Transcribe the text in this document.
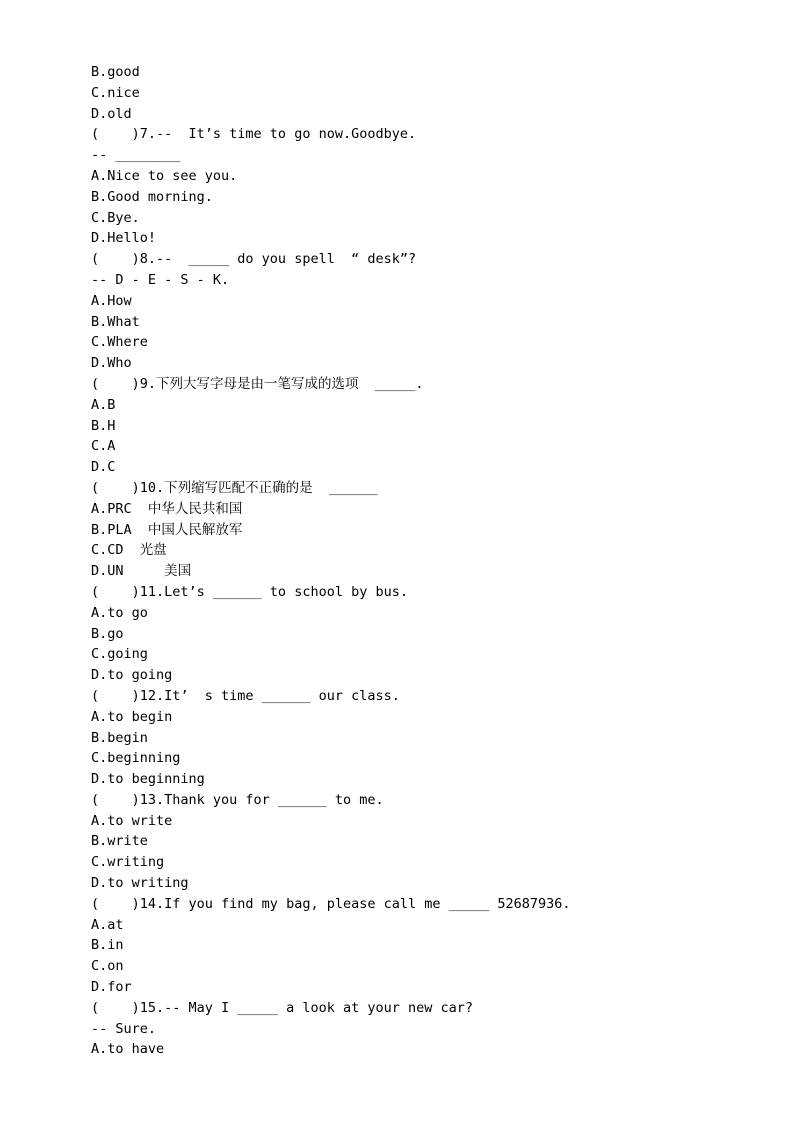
B.good
C.nice
D.old
(    )7.--  It’s time to go now.Goodbye.
-- ________
A.Nice to see you.
B.Good morning.
C.Bye.
D.Hello!
(    )8.--  _____ do you spell  “ desk”?
-- D - E - S - K.
A.How
B.What
C.Where
D.Who
(    )9.下列大写字母是由一笔写成的选项  _____.
A.B
B.H
C.A
D.C
(    )10.下列缩写匹配不正确的是  ______
A.PRC  中华人民共和国
B.PLA  中国人民解放军
C.CD  光盘
D.UN     美国
(    )11.Let’s ______ to school by bus.
A.to go
B.go
C.going
D.to going
(    )12.It’  s time ______ our class.
A.to begin
B.begin
C.beginning
D.to beginning
(    )13.Thank you for ______ to me.
A.to write
B.write
C.writing
D.to writing
(    )14.If you find my bag, please call me _____ 52687936.
A.at
B.in
C.on
D.for
(    )15.-- May I _____ a look at your new car?
-- Sure.
A.to have
